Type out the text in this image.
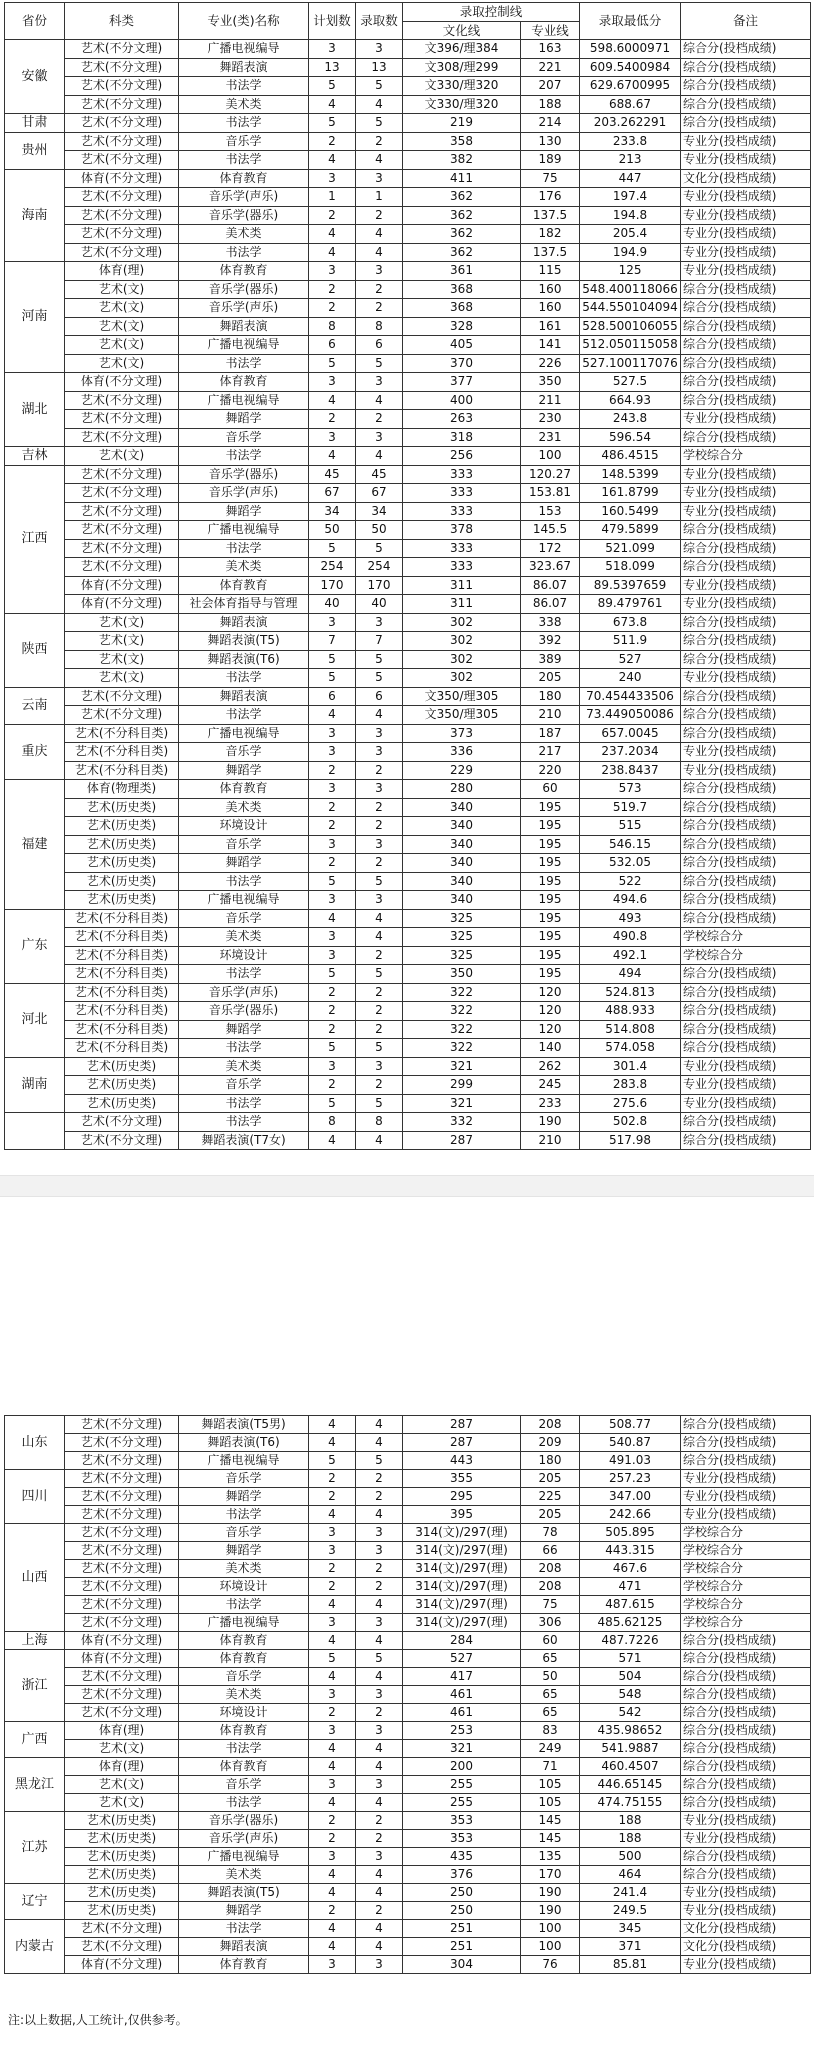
省份	科类	专业(类)名称	计划数	录取数	录取控制线		录取最低分	备注
					文化线	专业线		
安徽	艺术(不分文理)	广播电视编导	3	3	文396/理384	163	598.6000971	综合分(投档成绩)
	艺术(不分文理)	舞蹈表演	13	13	文308/理299	221	609.5400984	综合分(投档成绩)
	艺术(不分文理)	书法学	5	5	文330/理320	207	629.6700995	综合分(投档成绩)
	艺术(不分文理)	美术类	4	4	文330/理320	188	688.67	综合分(投档成绩)
甘肃	艺术(不分文理)	书法学	5	5	219	214	203.262291	综合分(投档成绩)
贵州	艺术(不分文理)	音乐学	2	2	358	130	233.8	专业分(投档成绩)
	艺术(不分文理)	书法学	4	4	382	189	213	专业分(投档成绩)
海南	体育(不分文理)	体育教育	3	3	411	75	447	文化分(投档成绩)
	艺术(不分文理)	音乐学(声乐)	1	1	362	176	197.4	专业分(投档成绩)
	艺术(不分文理)	音乐学(器乐)	2	2	362	137.5	194.8	专业分(投档成绩)
	艺术(不分文理)	美术类	4	4	362	182	205.4	专业分(投档成绩)
	艺术(不分文理)	书法学	4	4	362	137.5	194.9	专业分(投档成绩)
河南	体育(理)	体育教育	3	3	361	115	125	专业分(投档成绩)
	艺术(文)	音乐学(器乐)	2	2	368	160	548.400118066	综合分(投档成绩)
	艺术(文)	音乐学(声乐)	2	2	368	160	544.550104094	综合分(投档成绩)
	艺术(文)	舞蹈表演	8	8	328	161	528.500106055	综合分(投档成绩)
	艺术(文)	广播电视编导	6	6	405	141	512.050115058	综合分(投档成绩)
	艺术(文)	书法学	5	5	370	226	527.100117076	综合分(投档成绩)
湖北	体育(不分文理)	体育教育	3	3	377	350	527.5	综合分(投档成绩)
	艺术(不分文理)	广播电视编导	4	4	400	211	664.93	综合分(投档成绩)
	艺术(不分文理)	舞蹈学	2	2	263	230	243.8	专业分(投档成绩)
	艺术(不分文理)	音乐学	3	3	318	231	596.54	综合分(投档成绩)
吉林	艺术(文)	书法学	4	4	256	100	486.4515	学校综合分
江西	艺术(不分文理)	音乐学(器乐)	45	45	333	120.27	148.5399	专业分(投档成绩)
	艺术(不分文理)	音乐学(声乐)	67	67	333	153.81	161.8799	专业分(投档成绩)
	艺术(不分文理)	舞蹈学	34	34	333	153	160.5499	专业分(投档成绩)
	艺术(不分文理)	广播电视编导	50	50	378	145.5	479.5899	综合分(投档成绩)
	艺术(不分文理)	书法学	5	5	333	172	521.099	综合分(投档成绩)
	艺术(不分文理)	美术类	254	254	333	323.67	518.099	综合分(投档成绩)
	体育(不分文理)	体育教育	170	170	311	86.07	89.5397659	专业分(投档成绩)
	体育(不分文理)	社会体育指导与管理	40	40	311	86.07	89.479761	专业分(投档成绩)
陕西	艺术(文)	舞蹈表演	3	3	302	338	673.8	综合分(投档成绩)
	艺术(文)	舞蹈表演(T5)	7	7	302	392	511.9	综合分(投档成绩)
	艺术(文)	舞蹈表演(T6)	5	5	302	389	527	综合分(投档成绩)
	艺术(文)	书法学	5	5	302	205	240	专业分(投档成绩)
云南	艺术(不分文理)	舞蹈表演	6	6	文350/理305	180	70.454433506	综合分(投档成绩)
	艺术(不分文理)	书法学	4	4	文350/理305	210	73.449050086	综合分(投档成绩)
重庆	艺术(不分科目类)	广播电视编导	3	3	373	187	657.0045	综合分(投档成绩)
	艺术(不分科目类)	音乐学	3	3	336	217	237.2034	专业分(投档成绩)
	艺术(不分科目类)	舞蹈学	2	2	229	220	238.8437	专业分(投档成绩)
福建	体育(物理类)	体育教育	3	3	280	60	573	综合分(投档成绩)
	艺术(历史类)	美术类	2	2	340	195	519.7	综合分(投档成绩)
	艺术(历史类)	环境设计	2	2	340	195	515	综合分(投档成绩)
	艺术(历史类)	音乐学	3	3	340	195	546.15	综合分(投档成绩)
	艺术(历史类)	舞蹈学	2	2	340	195	532.05	综合分(投档成绩)
	艺术(历史类)	书法学	5	5	340	195	522	综合分(投档成绩)
	艺术(历史类)	广播电视编导	3	3	340	195	494.6	综合分(投档成绩)
广东	艺术(不分科目类)	音乐学	4	4	325	195	493	综合分(投档成绩)
	艺术(不分科目类)	美术类	3	4	325	195	490.8	学校综合分
	艺术(不分科目类)	环境设计	3	2	325	195	492.1	学校综合分
	艺术(不分科目类)	书法学	5	5	350	195	494	综合分(投档成绩)
河北	艺术(不分科目类)	音乐学(声乐)	2	2	322	120	524.813	综合分(投档成绩)
	艺术(不分科目类)	音乐学(器乐)	2	2	322	120	488.933	综合分(投档成绩)
	艺术(不分科目类)	舞蹈学	2	2	322	120	514.808	综合分(投档成绩)
	艺术(不分科目类)	书法学	5	5	322	140	574.058	综合分(投档成绩)
湖南	艺术(历史类)	美术类	3	3	321	262	301.4	专业分(投档成绩)
	艺术(历史类)	音乐学	2	2	299	245	283.8	专业分(投档成绩)
	艺术(历史类)	书法学	5	5	321	233	275.6	专业分(投档成绩)
	艺术(不分文理)	书法学	8	8	332	190	502.8	综合分(投档成绩)
	艺术(不分文理)	舞蹈表演(T7女)	4	4	287	210	517.98	综合分(投档成绩)
山东	艺术(不分文理)	舞蹈表演(T5男)	4	4	287	208	508.77	综合分(投档成绩)
	艺术(不分文理)	舞蹈表演(T6)	4	4	287	209	540.87	综合分(投档成绩)
	艺术(不分文理)	广播电视编导	5	5	443	180	491.03	综合分(投档成绩)
四川	艺术(不分文理)	音乐学	2	2	355	205	257.23	专业分(投档成绩)
	艺术(不分文理)	舞蹈学	2	2	295	225	347.00	专业分(投档成绩)
	艺术(不分文理)	书法学	4	4	395	205	242.66	专业分(投档成绩)
山西	艺术(不分文理)	音乐学	3	3	314(文)/297(理)	78	505.895	学校综合分
	艺术(不分文理)	舞蹈学	3	3	314(文)/297(理)	66	443.315	学校综合分
	艺术(不分文理)	美术类	2	2	314(文)/297(理)	208	467.6	学校综合分
	艺术(不分文理)	环境设计	2	2	314(文)/297(理)	208	471	学校综合分
	艺术(不分文理)	书法学	4	4	314(文)/297(理)	75	487.615	学校综合分
	艺术(不分文理)	广播电视编导	3	3	314(文)/297(理)	306	485.62125	学校综合分
上海	体育(不分文理)	体育教育	4	4	284	60	487.7226	综合分(投档成绩)
浙江	体育(不分文理)	体育教育	5	5	527	65	571	综合分(投档成绩)
	艺术(不分文理)	音乐学	4	4	417	50	504	综合分(投档成绩)
	艺术(不分文理)	美术类	3	3	461	65	548	综合分(投档成绩)
	艺术(不分文理)	环境设计	2	2	461	65	542	综合分(投档成绩)
广西	体育(理)	体育教育	3	3	253	83	435.98652	综合分(投档成绩)
	艺术(文)	书法学	4	4	321	249	541.9887	综合分(投档成绩)
黑龙江	体育(理)	体育教育	4	4	200	71	460.4507	综合分(投档成绩)
	艺术(文)	音乐学	3	3	255	105	446.65145	综合分(投档成绩)
	艺术(文)	书法学	4	4	255	105	474.75155	综合分(投档成绩)
江苏	艺术(历史类)	音乐学(器乐)	2	2	353	145	188	专业分(投档成绩)
	艺术(历史类)	音乐学(声乐)	2	2	353	145	188	专业分(投档成绩)
	艺术(历史类)	广播电视编导	3	3	435	135	500	综合分(投档成绩)
	艺术(历史类)	美术类	4	4	376	170	464	综合分(投档成绩)
辽宁	艺术(历史类)	舞蹈表演(T5)	4	4	250	190	241.4	专业分(投档成绩)
	艺术(历史类)	舞蹈学	2	2	250	190	249.5	专业分(投档成绩)
内蒙古	艺术(不分文理)	书法学	4	4	251	100	345	文化分(投档成绩)
	艺术(不分文理)	舞蹈表演	4	4	251	100	371	文化分(投档成绩)
	体育(不分文理)	体育教育	3	3	304	76	85.81	专业分(投档成绩)
注:以上数据,人工统计,仅供参考。
